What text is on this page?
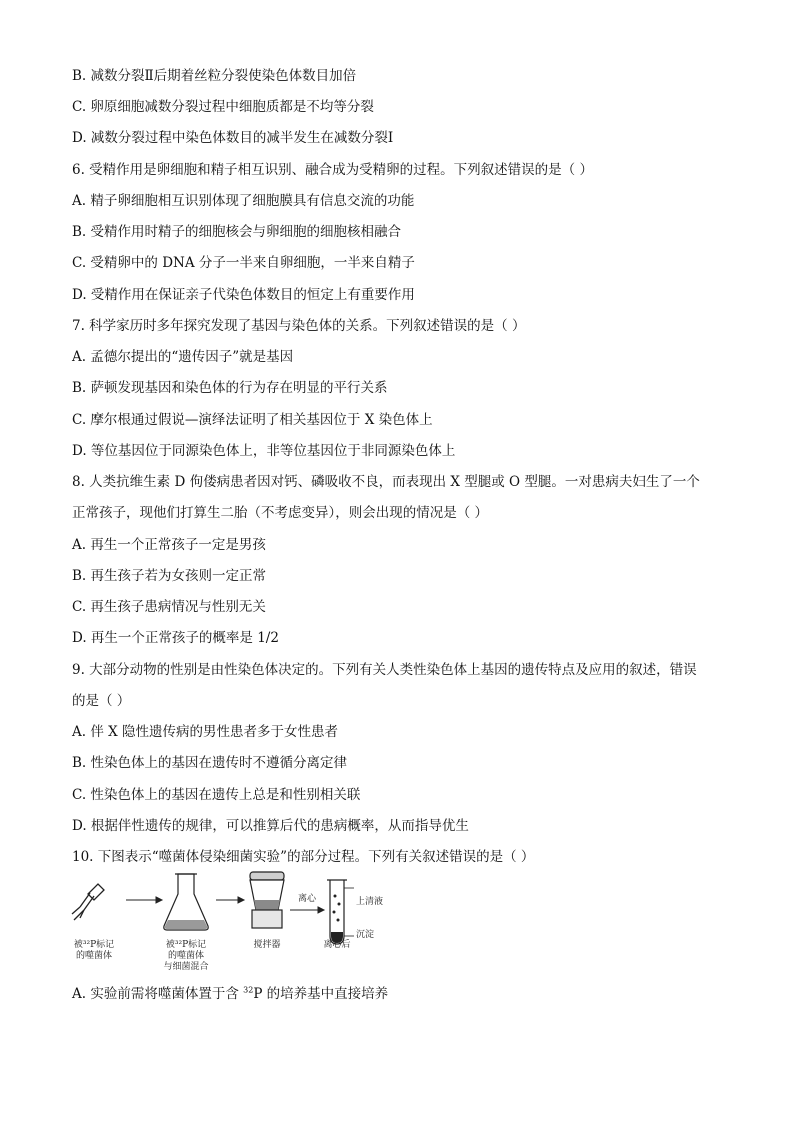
B. 减数分裂Ⅱ后期着丝粒分裂使染色体数目加倍
C. 卵原细胞减数分裂过程中细胞质都是不均等分裂
D. 减数分裂过程中染色体数目的减半发生在减数分裂Ⅰ
6. 受精作用是卵细胞和精子相互识别、融合成为受精卵的过程。下列叙述错误的是（ ）
A. 精子卵细胞相互识别体现了细胞膜具有信息交流的功能
B. 受精作用时精子的细胞核会与卵细胞的细胞核相融合
C. 受精卵中的 DNA 分子一半来自卵细胞，一半来自精子
D. 受精作用在保证亲子代染色体数目的恒定上有重要作用
7. 科学家历时多年探究发现了基因与染色体的关系。下列叙述错误的是（ ）
A. 孟德尔提出的“遗传因子”就是基因
B. 萨顿发现基因和染色体的行为存在明显的平行关系
C. 摩尔根通过假说—演绎法证明了相关基因位于 X 染色体上
D. 等位基因位于同源染色体上，非等位基因位于非同源染色体上
8. 人类抗维生素 D 佝偻病患者因对钙、磷吸收不良，而表现出 X 型腿或 O 型腿。一对患病夫妇生了一个
正常孩子，现他们打算生二胎（不考虑变异），则会出现的情况是（ ）
A. 再生一个正常孩子一定是男孩
B. 再生孩子若为女孩则一定正常
C. 再生孩子患病情况与性别无关
D. 再生一个正常孩子的概率是 1/2
9. 大部分动物的性别是由性染色体决定的。下列有关人类性染色体上基因的遗传特点及应用的叙述，错误
的是（ ）
A. 伴 X 隐性遗传病的男性患者多于女性患者
B. 性染色体上的基因在遗传时不遵循分离定律
C. 性染色体上的基因在遗传上总是和性别相关联
D. 根据伴性遗传的规律，可以推算后代的患病概率，从而指导优生
10. 下图表示“噬菌体侵染细菌实验”的部分过程。下列有关叙述错误的是（ ）
被³²P标记
的噬菌体
被³²P标记
的噬菌体
与细菌混合
搅拌器
离心
离心后
上清液
沉淀
A. 实验前需将噬菌体置于含 $^{32}$P 的培养基中直接培养
